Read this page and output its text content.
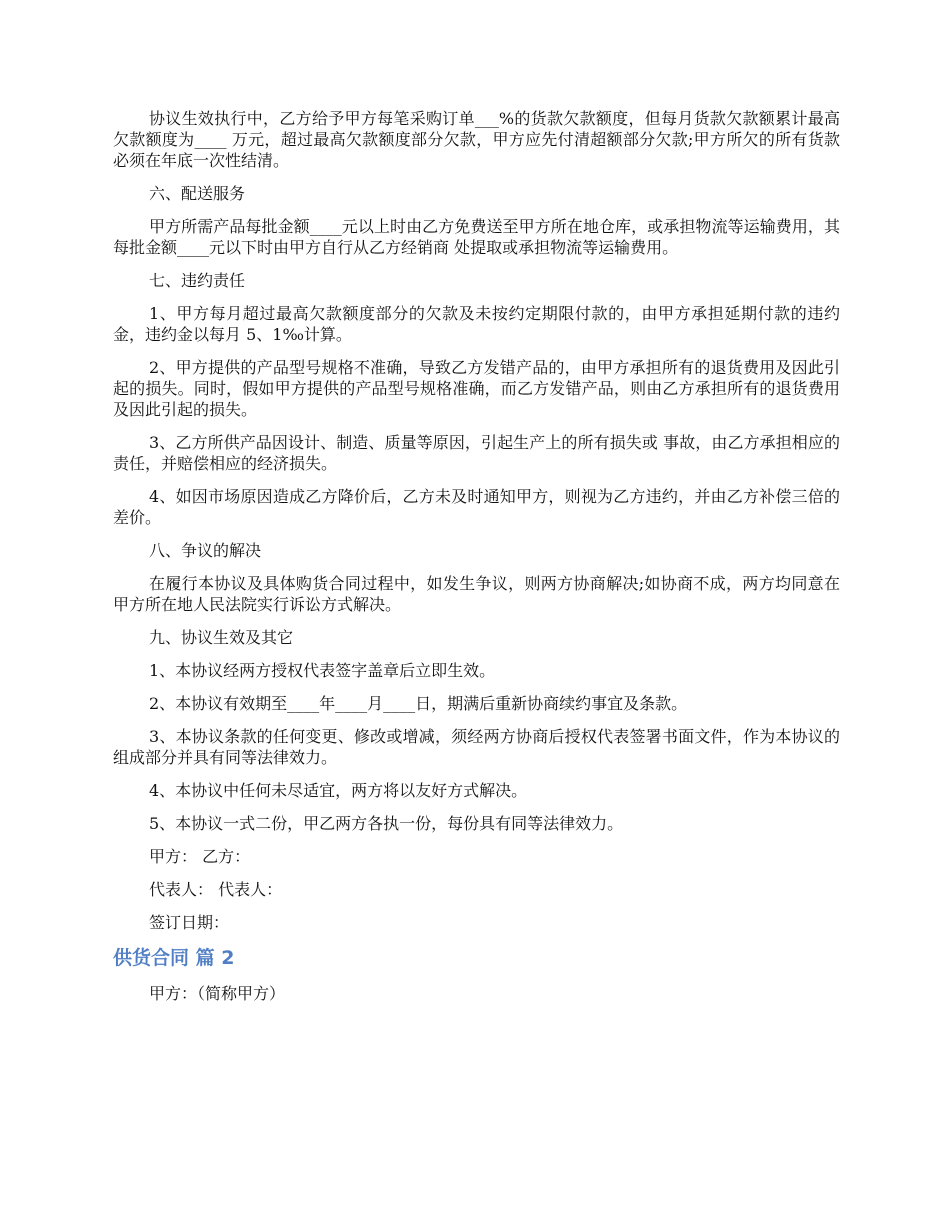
协议生效执行中，乙方给予甲方每笔采购订单___%的货款欠款额度，但每月货款欠款额累计最高欠款额度为____ 万元，超过最高欠款额度部分欠款，甲方应先付清超额部分欠款;甲方所欠的所有货款必须在年底一次性结清。

六、配送服务

甲方所需产品每批金额____元以上时由乙方免费送至甲方所在地仓库，或承担物流等运输费用，其每批金额____元以下时由甲方自行从乙方经销商 处提取或承担物流等运输费用。

七、违约责任

1、甲方每月超过最高欠款额度部分的欠款及未按约定期限付款的，由甲方承担延期付款的违约金，违约金以每月 5、1‰计算。

2、甲方提供的产品型号规格不准确，导致乙方发错产品的，由甲方承担所有的退货费用及因此引起的损失。同时，假如甲方提供的产品型号规格准确，而乙方发错产品，则由乙方承担所有的退货费用及因此引起的损失。

3、乙方所供产品因设计、制造、质量等原因，引起生产上的所有损失或 事故，由乙方承担相应的责任，并赔偿相应的经济损失。

4、如因市场原因造成乙方降价后，乙方未及时通知甲方，则视为乙方违约，并由乙方补偿三倍的差价。

八、争议的解决

在履行本协议及具体购货合同过程中，如发生争议，则两方协商解决;如协商不成，两方均同意在甲方所在地人民法院实行诉讼方式解决。

九、协议生效及其它

1、本协议经两方授权代表签字盖章后立即生效。

2、本协议有效期至____年____月____日，期满后重新协商续约事宜及条款。

3、本协议条款的任何变更、修改或增减，须经两方协商后授权代表签署书面文件，作为本协议的组成部分并具有同等法律效力。

4、本协议中任何未尽适宜，两方将以友好方式解决。

5、本协议一式二份，甲乙两方各执一份，每份具有同等法律效力。

甲方： 乙方：

代表人： 代表人：

签订日期：

供货合同 篇 2

甲方：（简称甲方）
